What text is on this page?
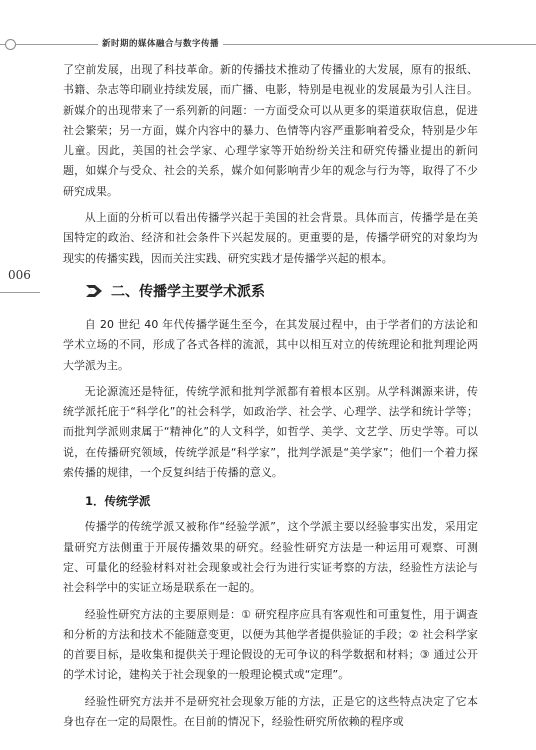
新时期的媒体融合与数字传播
006

了空前发展，出现了科技革命。新的传播技术推动了传播业的大发展，原有的报纸、书籍、杂志等印刷业持续发展，而广播、电影，特别是电视业的发展最为引人注目。新媒介的出现带来了一系列新的问题：一方面受众可以从更多的渠道获取信息，促进社会繁荣；另一方面，媒介内容中的暴力、色情等内容严重影响着受众，特别是少年儿童。因此，美国的社会学家、心理学家等开始纷纷关注和研究传播业提出的新问题，如媒介与受众、社会的关系，媒介如何影响青少年的观念与行为等，取得了不少研究成果。

从上面的分析可以看出传播学兴起于美国的社会背景。具体而言，传播学是在美国特定的政治、经济和社会条件下兴起发展的。更重要的是，传播学研究的对象均为现实的传播实践，因而关注实践、研究实践才是传播学兴起的根本。

二、传播学主要学术派系

自 20 世纪 40 年代传播学诞生至今，在其发展过程中，由于学者们的方法论和学术立场的不同，形成了各式各样的流派，其中以相互对立的传统理论和批判理论两大学派为主。

无论源流还是特征，传统学派和批判学派都有着根本区别。从学科渊源来讲，传统学派托庇于“科学化”的社会科学，如政治学、社会学、心理学、法学和统计学等；而批判学派则隶属于“精神化”的人文科学，如哲学、美学、文艺学、历史学等。可以说，在传播研究领域，传统学派是“科学家”，批判学派是“美学家”；他们一个着力探索传播的规律，一个反复纠结于传播的意义。

1．传统学派

传播学的传统学派又被称作“经验学派”，这个学派主要以经验事实出发，采用定量研究方法侧重于开展传播效果的研究。经验性研究方法是一种运用可观察、可测定、可量化的经验材料对社会现象或社会行为进行实证考察的方法，经验性方法论与社会科学中的实证立场是联系在一起的。

经验性研究方法的主要原则是：① 研究程序应具有客观性和可重复性，用于调查和分析的方法和技术不能随意变更，以便为其他学者提供验证的手段；② 社会科学家的首要目标，是收集和提供关于理论假设的无可争议的科学数据和材料；③ 通过公开的学术讨论，建构关于社会现象的一般理论模式或“定理”。

经验性研究方法并不是研究社会现象万能的方法，正是它的这些特点决定了它本身也存在一定的局限性。在目前的情况下，经验性研究所依赖的程序或
